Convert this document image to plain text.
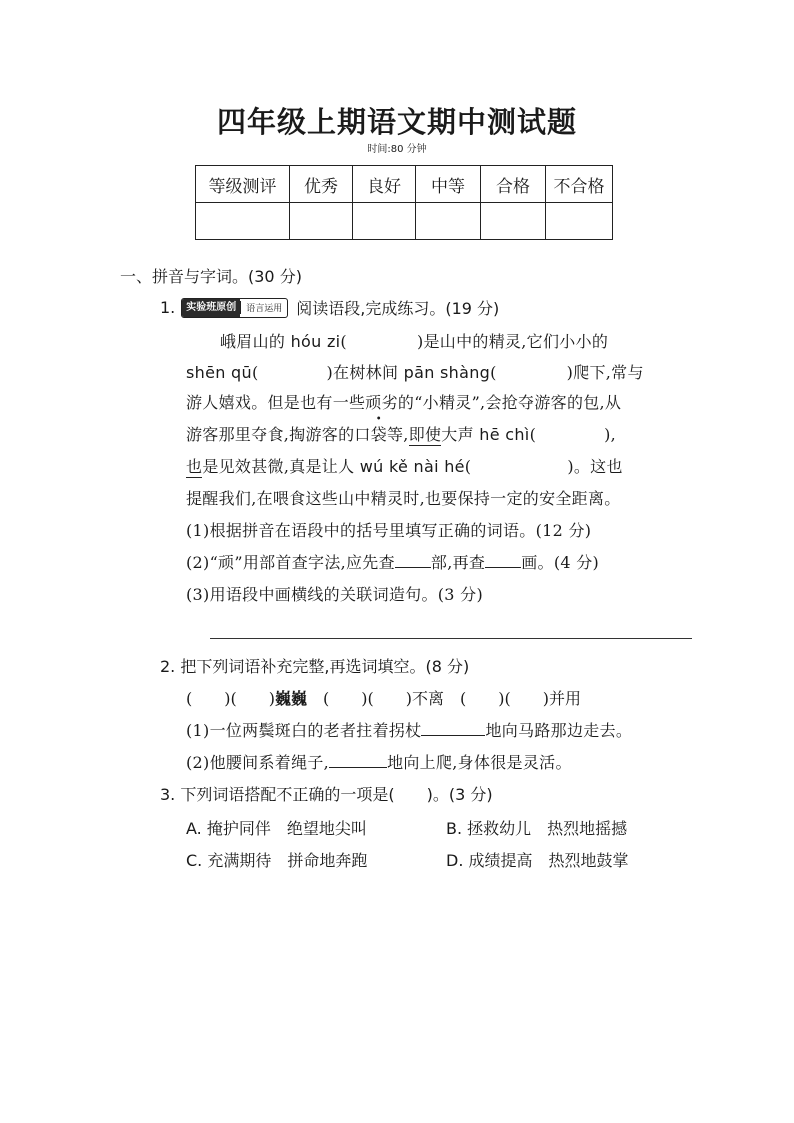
四年级上期语文期中测试题
时间:80 分钟
等级测评	优秀	良好	中等	合格	不合格

一、拼音与字词。(30 分)
1.	实验班原创	语言运用 阅读语段,完成练习。(19 分)
峨眉山的 hóu zi(	)是山中的精灵,它们小小的
shēn qū(	)在树林间 pān shàng(	)爬下,常与
游人嬉戏。但是也有一些顽劣的“小精灵”,会抢夺游客的包,从
游客那里夺食,掏游客的口袋等,即使大声 hē chì(	),
也是见效甚微,真是让人 wú kě nài hé(	)。这也
提醒我们,在喂食这些山中精灵时,也要保持一定的安全距离。
(1)根据拼音在语段中的括号里填写正确的词语。(12 分)
(2)“顽”用部首查字法,应先查 部,再查 画。(4 分)
(3)用语段中画横线的关联词造句。(3 分)
2. 把下列词语补充完整,再选词填空。(8 分)
(　　)(　　)巍巍　(　　)(　　)不离　(　　)(　　)并用
(1)一位两鬓斑白的老者拄着拐杖	地向马路那边走去。
(2)他腰间系着绳子,	地向上爬,身体很是灵活。
3. 下列词语搭配不正确的一项是(　　)。(3 分)
A. 掩护同伴　绝望地尖叫	B. 拯救幼儿　热烈地摇撼
C. 充满期待　拼命地奔跑	D. 成绩提高　热烈地鼓掌
